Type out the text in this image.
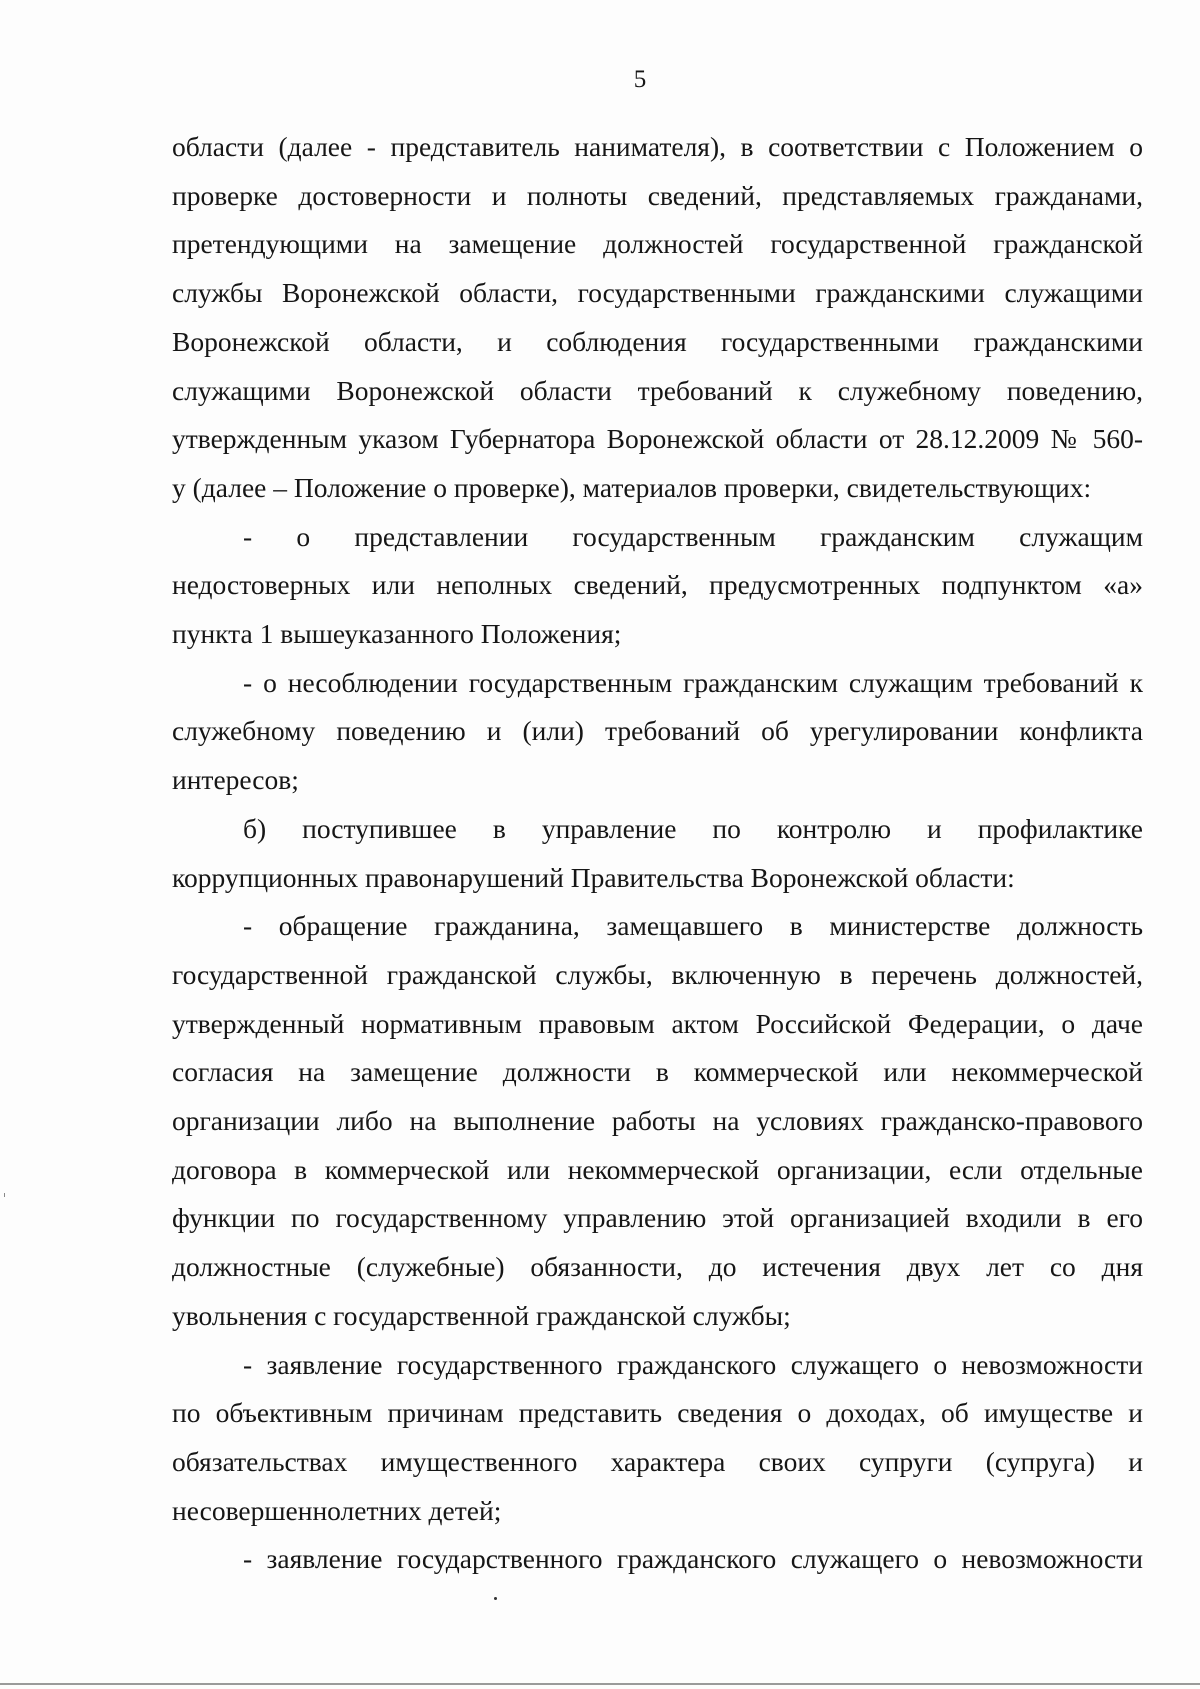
5

области (далее - представитель нанимателя), в соответствии с Положением о

проверке достоверности и полноты сведений, представляемых гражданами,

претендующими на замещение должностей государственной гражданской

службы Воронежской области, государственными гражданскими служащими

Воронежской области, и соблюдения государственными гражданскими

служащими Воронежской области требований к служебному поведению,

утвержденным указом Губернатора Воронежской области от 28.12.2009 № 560-

у (далее – Положение о проверке), материалов проверки, свидетельствующих:

- о представлении государственным гражданским служащим

недостоверных или неполных сведений, предусмотренных подпунктом «а»

пункта 1 вышеуказанного Положения;

- о несоблюдении государственным гражданским служащим требований к

служебному поведению и (или) требований об урегулировании конфликта

интересов;

б) поступившее в управление по контролю и профилактике

коррупционных правонарушений Правительства Воронежской области:

- обращение гражданина, замещавшего в министерстве должность

государственной гражданской службы, включенную в перечень должностей,

утвержденный нормативным правовым актом Российской Федерации, о даче

согласия на замещение должности в коммерческой или некоммерческой

организации либо на выполнение работы на условиях гражданско-правового

договора в коммерческой или некоммерческой организации, если отдельные

функции по государственному управлению этой организацией входили в его

должностные (служебные) обязанности, до истечения двух лет со дня

увольнения с государственной гражданской службы;

- заявление государственного гражданского служащего о невозможности

по объективным причинам представить сведения о доходах, об имуществе и

обязательствах имущественного характера своих супруги (супруга) и

несовершеннолетних детей;

- заявление государственного гражданского служащего о невозможности
